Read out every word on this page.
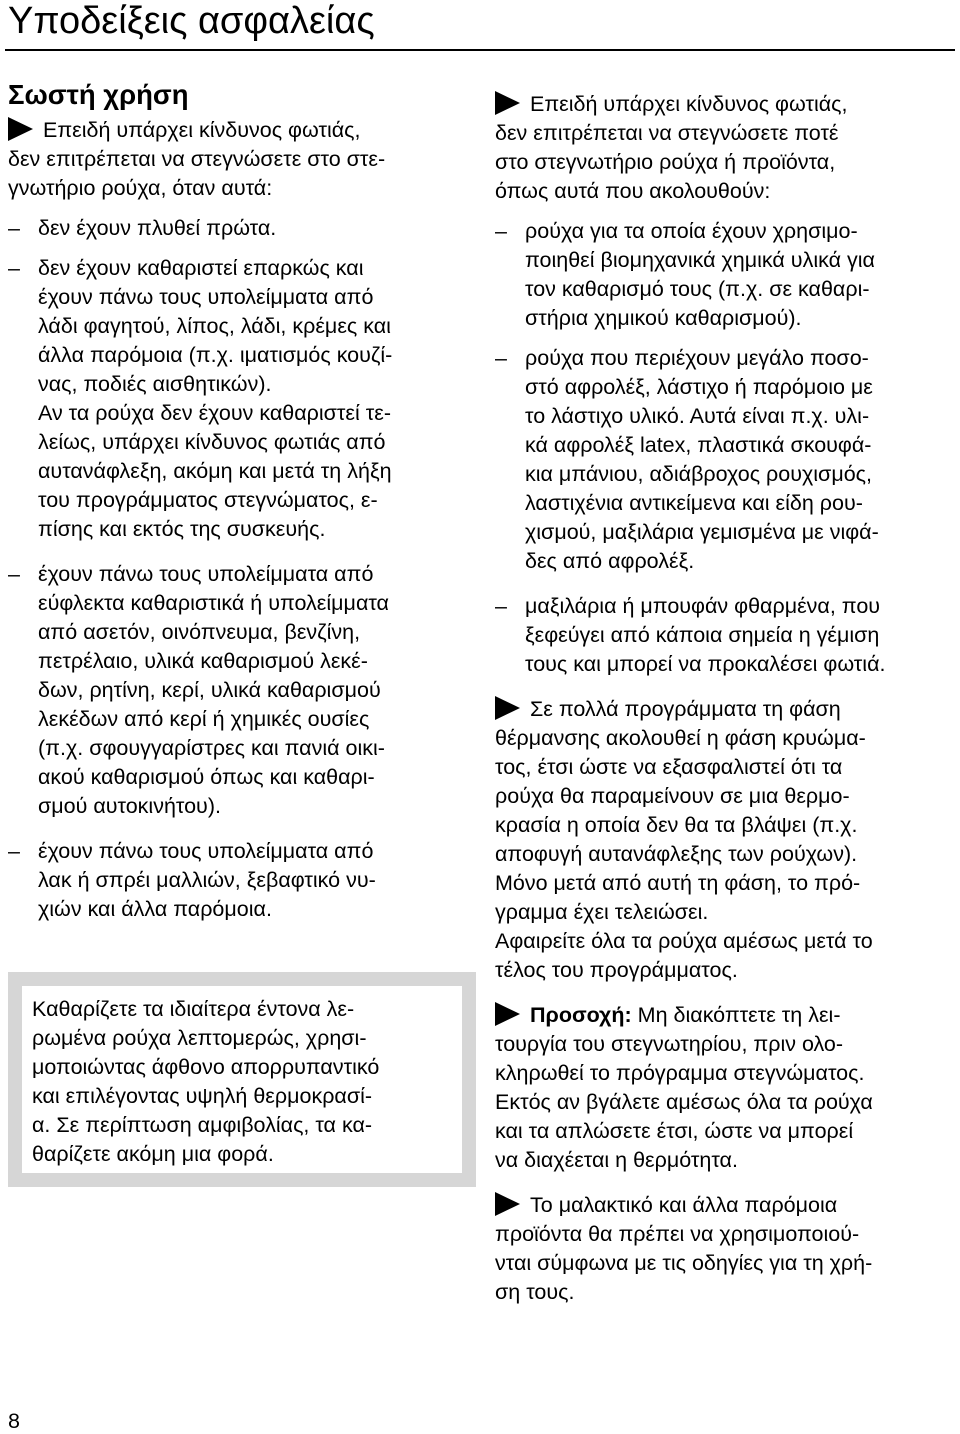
Υποδείξεις ασφαλείας
Σωστή χρήση
Επειδή υπάρχει κίνδυνος φωτιάς,
δεν επιτρέπεται να στεγνώσετε στο στε-
γνωτήριο ρούχα, όταν αυτά:
– δεν έχουν πλυθεί πρώτα.
– δεν έχουν καθαριστεί επαρκώς και
έχουν πάνω τους υπολείμματα από
λάδι φαγητού, λίπος, λάδι, κρέμες και
άλλα παρόμοια (π.χ. ιματισμός κουζί-
νας, ποδιές αισθητικών).
Αν τα ρούχα δεν έχουν καθαριστεί τε-
λείως, υπάρχει κίνδυνος φωτιάς από
αυτανάφλεξη, ακόμη και μετά τη λήξη
του προγράμματος στεγνώματος, ε-
πίσης και εκτός της συσκευής.
– έχουν πάνω τους υπολείμματα από
εύφλεκτα καθαριστικά ή υπολείμματα
από ασετόν, οινόπνευμα, βενζίνη,
πετρέλαιο, υλικά καθαρισμού λεκέ-
δων, ρητίνη, κερί, υλικά καθαρισμού
λεκέδων από κερί ή χημικές ουσίες
(π.χ. σφουγγαρίστρες και πανιά οικι-
ακού καθαρισμού όπως και καθαρι-
σμού αυτοκινήτου).
– έχουν πάνω τους υπολείμματα από
λακ ή σπρέι μαλλιών, ξεβαφτικό νυ-
χιών και άλλα παρόμοια.
Καθαρίζετε τα ιδιαίτερα έντονα λε-
ρωμένα ρούχα λεπτομερώς, χρησι-
μοποιώντας άφθονο απορρυπαντικό
και επιλέγοντας υψηλή θερμοκρασί-
α. Σε περίπτωση αμφιβολίας, τα κα-
θαρίζετε ακόμη μια φορά.
Επειδή υπάρχει κίνδυνος φωτιάς,
δεν επιτρέπεται να στεγνώσετε ποτέ
στο στεγνωτήριο ρούχα ή προϊόντα,
όπως αυτά που ακολουθούν:
– ρούχα για τα οποία έχουν χρησιμο-
ποιηθεί βιομηχανικά χημικά υλικά για
τον καθαρισμό τους (π.χ. σε καθαρι-
στήρια χημικού καθαρισμού).
– ρούχα που περιέχουν μεγάλο ποσο-
στό αφρολέξ, λάστιχο ή παρόμοιο με
το λάστιχο υλικό. Αυτά είναι π.χ. υλι-
κά αφρολέξ latex, πλαστικά σκουφά-
κια μπάνιου, αδιάβροχος ρουχισμός,
λαστιχένια αντικείμενα και είδη ρου-
χισμού, μαξιλάρια γεμισμένα με νιφά-
δες από αφρολέξ.
– μαξιλάρια ή μπουφάν φθαρμένα, που
ξεφεύγει από κάποια σημεία η γέμιση
τους και μπορεί να προκαλέσει φωτιά.
Σε πολλά προγράμματα τη φάση
θέρμανσης ακολουθεί η φάση κρυώμα-
τος, έτσι ώστε να εξασφαλιστεί ότι τα
ρούχα θα παραμείνουν σε μια θερμο-
κρασία η οποία δεν θα τα βλάψει (π.χ.
αποφυγή αυτανάφλεξης των ρούχων).
Μόνο μετά από αυτή τη φάση, το πρό-
γραμμα έχει τελειώσει.
Αφαιρείτε όλα τα ρούχα αμέσως μετά το
τέλος του προγράμματος.
Προσοχή: Μη διακόπτετε τη λει-
τουργία του στεγνωτηρίου, πριν ολο-
κληρωθεί το πρόγραμμα στεγνώματος.
Εκτός αν βγάλετε αμέσως όλα τα ρούχα
και τα απλώσετε έτσι, ώστε να μπορεί
να διαχέεται η θερμότητα.
Το μαλακτικό και άλλα παρόμοια
προϊόντα θα πρέπει να χρησιμοποιού-
νται σύμφωνα με τις οδηγίες για τη χρή-
ση τους.
8
